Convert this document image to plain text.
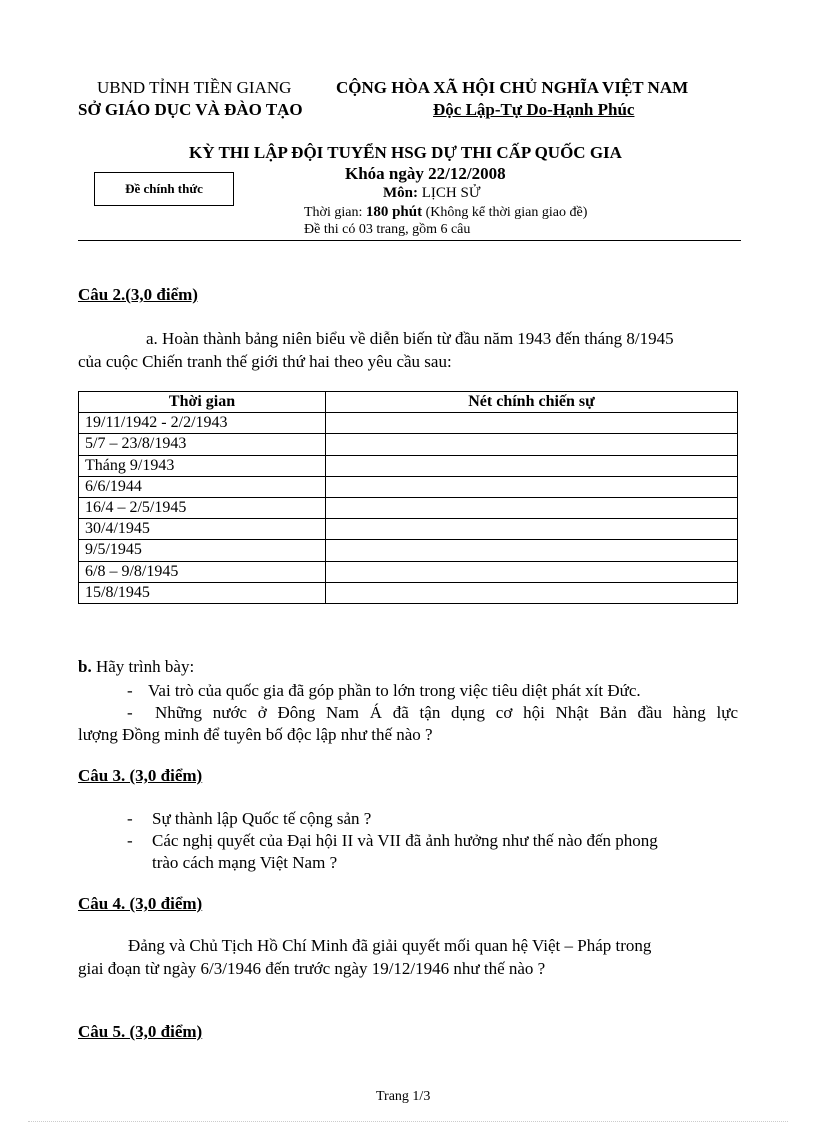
UBND TỈNH TIỀN GIANG
SỞ GIÁO DỤC VÀ ĐÀO TẠO
CỘNG HÒA XÃ HỘI CHỦ NGHĨA VIỆT NAM
Độc Lập-Tự Do-Hạnh Phúc
KỲ THI LẬP ĐỘI TUYỂN HSG DỰ THI CẤP QUỐC GIA
Khóa ngày 22/12/2008
Đề chính thức	Môn: LỊCH SỬ
Thời gian: 180 phút (Không kể thời gian giao đề)
Đề thi có 03 trang, gồm 6 câu
Câu 2.(3,0 điểm)
a. Hoàn thành bảng niên biểu về diễn biến từ đầu năm 1943 đến tháng 8/1945
của cuộc Chiến tranh thế giới thứ hai theo yêu cầu sau:
Thời gian	Nét chính chiến sự
19/11/1942 - 2/2/1943	
5/7 – 23/8/1943	
Tháng 9/1943	
6/6/1944	
16/4 – 2/5/1945	
30/4/1945	
9/5/1945	
6/8 – 9/8/1945	
15/8/1945	
b. Hãy trình bày:
- Vai trò của quốc gia đã góp phần to lớn trong việc tiêu diệt phát xít Đức.
- Những nước ở Đông Nam Á đã tận dụng cơ hội Nhật Bản đầu hàng lực
lượng Đồng minh để tuyên bố độc lập như thế nào ?
Câu 3. (3,0 điểm)
- Sự thành lập Quốc tế cộng sản ?
- Các nghị quyết của Đại hội II và VII đã ảnh hưởng như thế nào đến phong
trào cách mạng Việt Nam ?
Câu 4. (3,0 điểm)
Đảng và Chủ Tịch Hồ Chí Minh đã giải quyết mối quan hệ Việt – Pháp trong
giai đoạn từ ngày 6/3/1946 đến trước ngày 19/12/1946 như thế nào ?
Câu 5. (3,0 điểm)
Trang 1/3
